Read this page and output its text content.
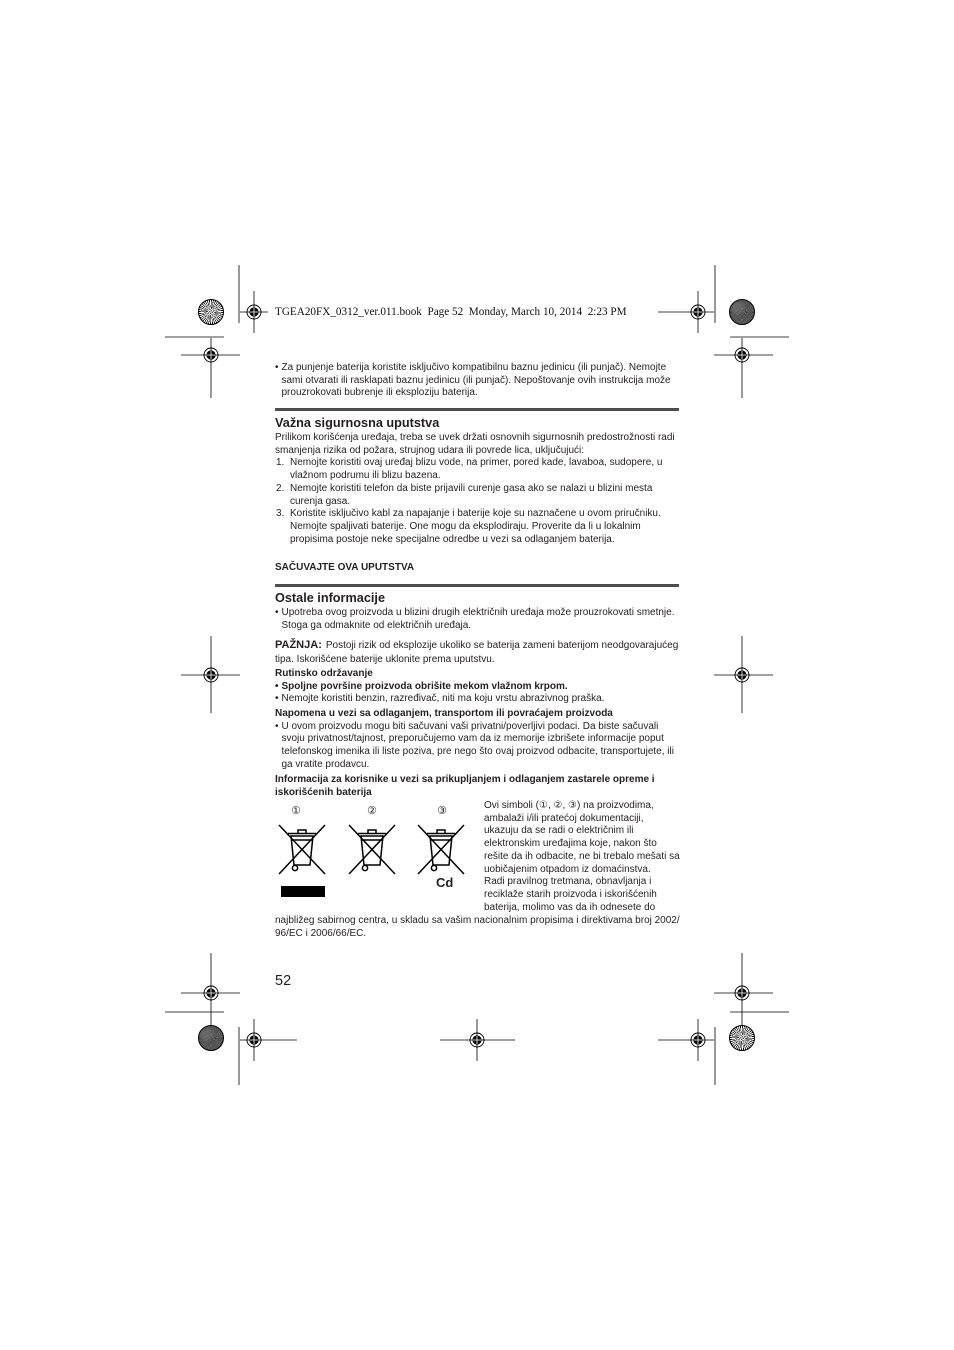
TGEA20FX_0312_ver.011.book  Page 52  Monday, March 10, 2014  2:23 PM
• Za punjenje baterija koristite isključivo kompatibilnu baznu jedinicu (ili punjač). Nemojte
sami otvarati ili rasklapati baznu jedinicu (ili punjač). Nepoštovanje ovih instrukcija može
prouzrokovati bubrenje ili eksploziju baterija.
Važna sigurnosna uputstva
Prilikom korišćenja uređaja, treba se uvek držati osnovnih sigurnosnih predostrožnosti radi
smanjenja rizika od požara, strujnog udara ili povrede lica, uključujući:
1. Nemojte koristiti ovaj uređaj blizu vode, na primer, pored kade, lavaboa, sudopere, u
vlažnom podrumu ili blizu bazena.
2. Nemojte koristiti telefon da biste prijavili curenje gasa ako se nalazi u blizini mesta
curenja gasa.
3. Koristite isključivo kabl za napajanje i baterije koje su naznačene u ovom priručniku.
Nemojte spaljivati baterije. One mogu da eksplodiraju. Proverite da li u lokalnim
propisima postoje neke specijalne odredbe u vezi sa odlaganjem baterija.
SAČUVAJTE OVA UPUTSTVA
Ostale informacije
• Upotreba ovog proizvoda u blizini drugih električnih uređaja može prouzrokovati smetnje.
Stoga ga odmaknite od električnih uređaja.
PAŽNJA: Postoji rizik od eksplozije ukoliko se baterija zameni baterijom neodgovarajućeg
tipa. Iskorišćene baterije uklonite prema uputstvu.
Rutinsko održavanje
• Spoljne površine proizvoda obrišite mekom vlažnom krpom.
• Nemojte koristiti benzin, razređivač, niti ma koju vrstu abrazivnog praška.
Napomena u vezi sa odlaganjem, transportom ili povraćajem proizvoda
• U ovom proizvodu mogu biti sačuvani vaši privatni/poverljivi podaci. Da biste sačuvali
svoju privatnost/tajnost, preporučujemo vam da iz memorije izbrišete informacije poput
telefonskog imenika ili liste poziva, pre nego što ovaj proizvod odbacite, transportujete, ili
ga vratite prodavcu.
Informacija za korisnike u vezi sa prikupljanjem i odlaganjem zastarele opreme i
iskorišćenih baterija
①	②	③
Cd
Ovi simboli (①, ②, ③) na proizvodima,
ambalaži i/ili pratećoj dokumentaciji,
ukazuju da se radi o električnim ili
elektronskim uređajima koje, nakon što
rešite da ih odbacite, ne bi trebalo mešati sa
uobičajenim otpadom iz domaćinstva.
Radi pravilnog tretmana, obnavljanja i
reciklaže starih proizvoda i iskorišćenih
baterija, molimo vas da ih odnesete do
najbližeg sabirnog centra, u skladu sa vašim nacionalnim propisima i direktivama broj 2002/
96/EC i 2006/66/EC.
52
